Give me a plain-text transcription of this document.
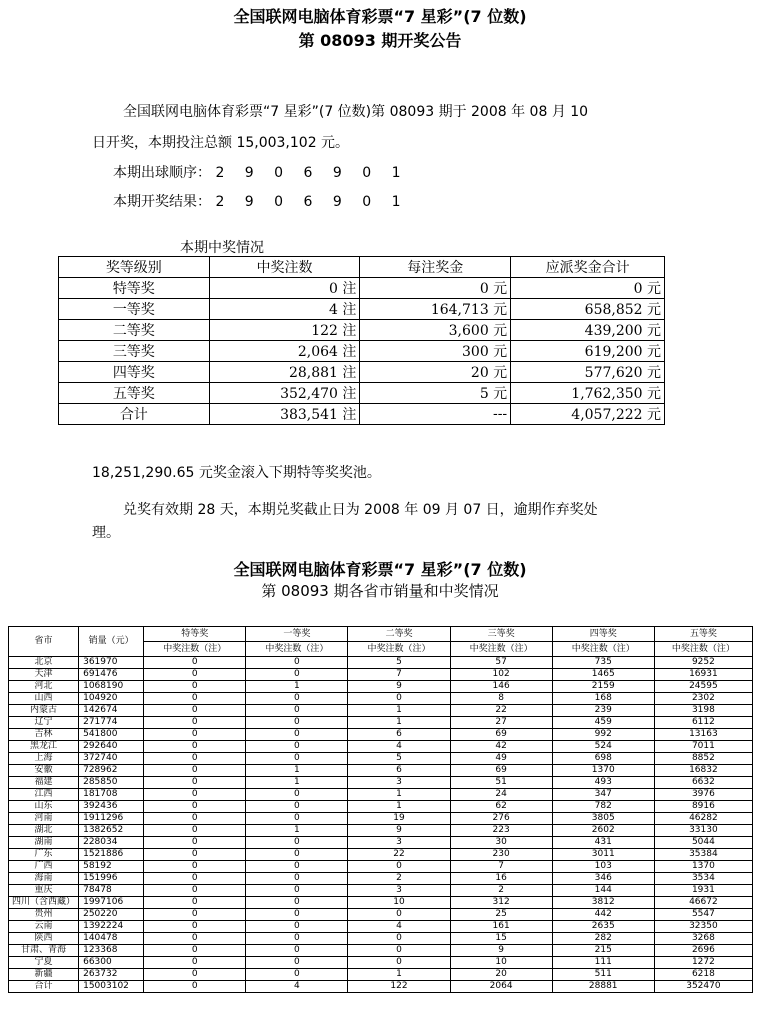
全国联网电脑体育彩票“7 星彩”(7 位数)
第 08093 期开奖公告
全国联网电脑体育彩票“7 星彩”(7 位数)第 08093 期于 2008 年 08 月 10
日开奖，本期投注总额 15,003,102 元。
本期出球顺序： 2 9 0 6 9 0 1
本期开奖结果： 2 9 0 6 9 0 1
本期中奖情况
奖等级别	中奖注数	每注奖金	应派奖金合计
特等奖	0 注	0 元	0 元
一等奖	4 注	164,713 元	658,852 元
二等奖	122 注	3,600 元	439,200 元
三等奖	2,064 注	300 元	619,200 元
四等奖	28,881 注	20 元	577,620 元
五等奖	352,470 注	5 元	1,762,350 元
合计	383,541 注	---	4,057,222 元
18,251,290.65 元奖金滚入下期特等奖奖池。
兑奖有效期 28 天，本期兑奖截止日为 2008 年 09 月 07 日，逾期作弃奖处
理。
全国联网电脑体育彩票“7 星彩”(7 位数)
第 08093 期各省市销量和中奖情况
省市	销量（元）	特等奖	一等奖	二等奖	三等奖	四等奖	五等奖
		中奖注数（注）	中奖注数（注）	中奖注数（注）	中奖注数（注）	中奖注数（注）	中奖注数（注）
北京	361970	0	0	5	57	735	9252
天津	691476	0	0	7	102	1465	16931
河北	1068190	0	1	9	146	2159	24595
山西	104920	0	0	0	8	168	2302
内蒙古	142674	0	0	1	22	239	3198
辽宁	271774	0	0	1	27	459	6112
吉林	541800	0	0	6	69	992	13163
黑龙江	292640	0	0	4	42	524	7011
上海	372740	0	0	5	49	698	8852
安徽	728962	0	1	6	69	1370	16832
福建	285850	0	1	3	51	493	6632
江西	181708	0	0	1	24	347	3976
山东	392436	0	0	1	62	782	8916
河南	1911296	0	0	19	276	3805	46282
湖北	1382652	0	1	9	223	2602	33130
湖南	228034	0	0	3	30	431	5044
广东	1521886	0	0	22	230	3011	35384
广西	58192	0	0	0	7	103	1370
海南	151996	0	0	2	16	346	3534
重庆	78478	0	0	3	2	144	1931
四川（含西藏）	1997106	0	0	10	312	3812	46672
贵州	250220	0	0	0	25	442	5547
云南	1392224	0	0	4	161	2635	32350
陕西	140478	0	0	0	15	282	3268
甘肃、青海	123368	0	0	0	9	215	2696
宁夏	66300	0	0	0	10	111	1272
新疆	263732	0	0	1	20	511	6218
合计	15003102	0	4	122	2064	28881	352470
